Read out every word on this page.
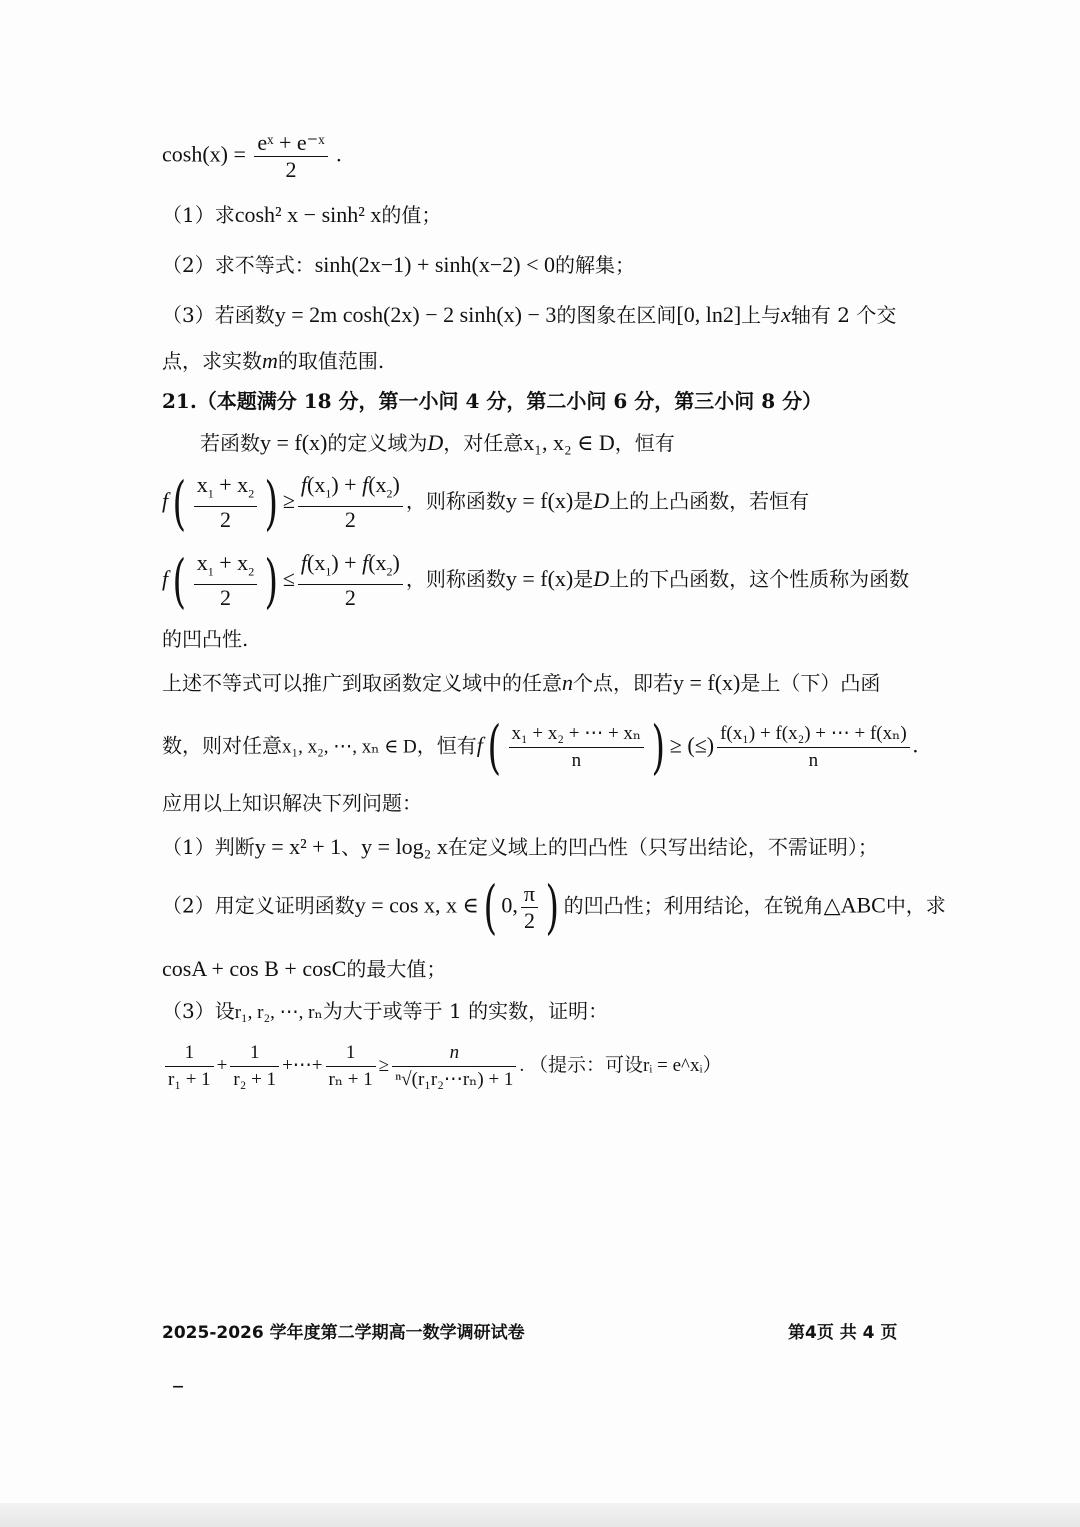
$\cosh(x) = \frac{\text{eˣ + e⁻ˣ}}{2}$ .
（1）求cosh² x − sinh² x的值；
（2）求不等式：sinh(2x−1) + sinh(x−2) < 0的解集；
（3）若函数y = 2m cosh(2x) − 2 sinh(x) − 3的图象在区间[0, ln2]上与x轴有 2 个交
点，求实数m的取值范围.
21.（本题满分 18 分，第一小问 4 分，第二小问 6 分，第三小问 8 分）
若函数y = f(x)的定义域为D，对任意x₁, x₂ ∈ D，恒有
$f( \frac{x_1 + x_2}{2}$ ) ≥ $\frac{f(x_1) + f(x_2)}{2}$ ，则称函数y = f(x)是D上的上凸函数，若恒有
$f( \frac{x_1 + x_2}{2}$ ) ≤ $\frac{f(x_1) + f(x_2)}{2}$ ，则称函数y = f(x)是D上的下凸函数，这个性质称为函数
的凹凸性.
上述不等式可以推广到取函数定义域中的任意n个点，即若y = f(x)是上（下）凸函
数，则对任意x₁, x₂, ⋯, xₙ ∈ D，恒有$f( \frac{\text{x₁ + x₂ + ⋯ + xₙ}}{n}$ ) ≥ (≤) $\frac{\text{f(x₁) + f(x₂) + ⋯ + f(xₙ)}}{n}$ .
应用以上知识解决下列问题：
（1）判断y = x² + 1、y = log₂ x在定义域上的凹凸性（只写出结论，不需证明）；
（2）用定义证明函数y = cos x, x ∈( 0, $\frac{\pi}{2}$ ) 的凹凸性；利用结论，在锐角△ABC中，求
cosA + cos B + cosC的最大值；
（3）设r₁, r₂, ⋯, rₙ为大于或等于 1 的实数，证明：
$\frac{1}{\text{r₁ + 1}} + \frac{1}{\text{r₂ + 1}}$ +⋯+ $\frac{1}{\text{rₙ + 1}} \ge \frac{n}{\text{ⁿ√(r₁r₂⋯rₙ) + 1}}$ . （提示：可设rᵢ = e^xᵢ）
2025-2026 学年度第二学期高一数学调研试卷	第4页 共 4 页
–
